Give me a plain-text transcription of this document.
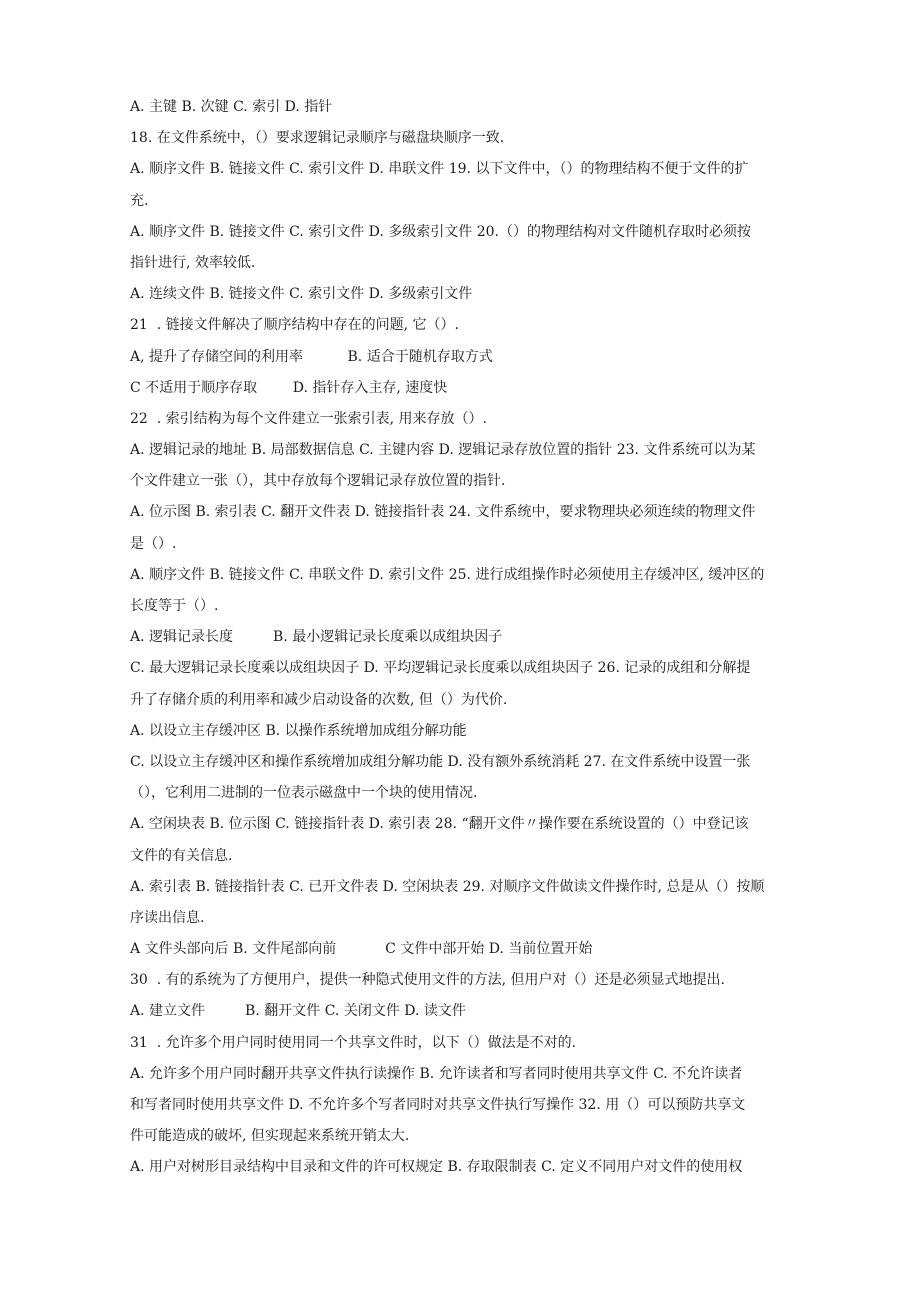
A. 主键 B. 次键 C. 索引 D. 指针
18. 在文件系统中，（）要求逻辑记录顺序与磁盘块顺序一致.
A. 顺序文件 B. 链接文件 C. 索引文件 D. 串联文件 19. 以下文件中，（）的物理结构不便于文件的扩
充.
A. 顺序文件 B. 链接文件 C. 索引文件 D. 多级索引文件 20.（）的物理结构对文件随机存取时必须按
指针进行, 效率较低.
A. 连续文件 B. 链接文件 C. 索引文件 D. 多级索引文件
21  . 链接文件解决了顺序结构中存在的问题, 它（）.
A, 提升了存储空间的利用率          B. 适合于随机存取方式
C 不适用于顺序存取        D. 指针存入主存, 速度快
22  . 索引结构为每个文件建立一张索引表, 用来存放（）.
A. 逻辑记录的地址 B. 局部数据信息 C. 主键内容 D. 逻辑记录存放位置的指针 23. 文件系统可以为某
个文件建立一张（），其中存放每个逻辑记录存放位置的指针.
A. 位示图 B. 索引表 C. 翻开文件表 D. 链接指针表 24. 文件系统中，要求物理块必须连续的物理文件
是（）.
A. 顺序文件 B. 链接文件 C. 串联文件 D. 索引文件 25. 进行成组操作时必须使用主存缓冲区, 缓冲区的
长度等于（）.
A. 逻辑记录长度         B. 最小逻辑记录长度乘以成组块因子
C. 最大逻辑记录长度乘以成组块因子 D. 平均逻辑记录长度乘以成组块因子 26. 记录的成组和分解提
升了存储介质的利用率和减少启动设备的次数, 但（）为代价.
A. 以设立主存缓冲区 B. 以操作系统增加成组分解功能
C. 以设立主存缓冲区和操作系统增加成组分解功能 D. 没有额外系统消耗 27. 在文件系统中设置一张
（），它利用二进制的一位表示磁盘中一个块的使用情况.
A. 空闲块表 B. 位示图 C. 链接指针表 D. 索引表 28. “翻开文件〃操作要在系统设置的（）中登记该
文件的有关信息.
A. 索引表 B. 链接指针表 C. 已开文件表 D. 空闲块表 29. 对顺序文件做读文件操作时, 总是从（）按顺
序读出信息.
A 文件头部向后 B. 文件尾部向前           C 文件中部开始 D. 当前位置开始
30  . 有的系统为了方便用户，提供一种隐式使用文件的方法, 但用户对（）还是必须显式地提出.
A. 建立文件         B. 翻开文件 C. 关闭文件 D. 读文件
31  . 允许多个用户同时使用同一个共享文件时，以下（）做法是不对的.
A. 允许多个用户同时翻开共享文件执行读操作 B. 允许读者和写者同时使用共享文件 C. 不允许读者
和写者同时使用共享文件 D. 不允许多个写者同时对共享文件执行写操作 32. 用（）可以预防共享文
件可能造成的破坏, 但实现起来系统开销太大.
A. 用户对树形目录结构中目录和文件的许可权规定 B. 存取限制表 C. 定义不同用户对文件的使用权
